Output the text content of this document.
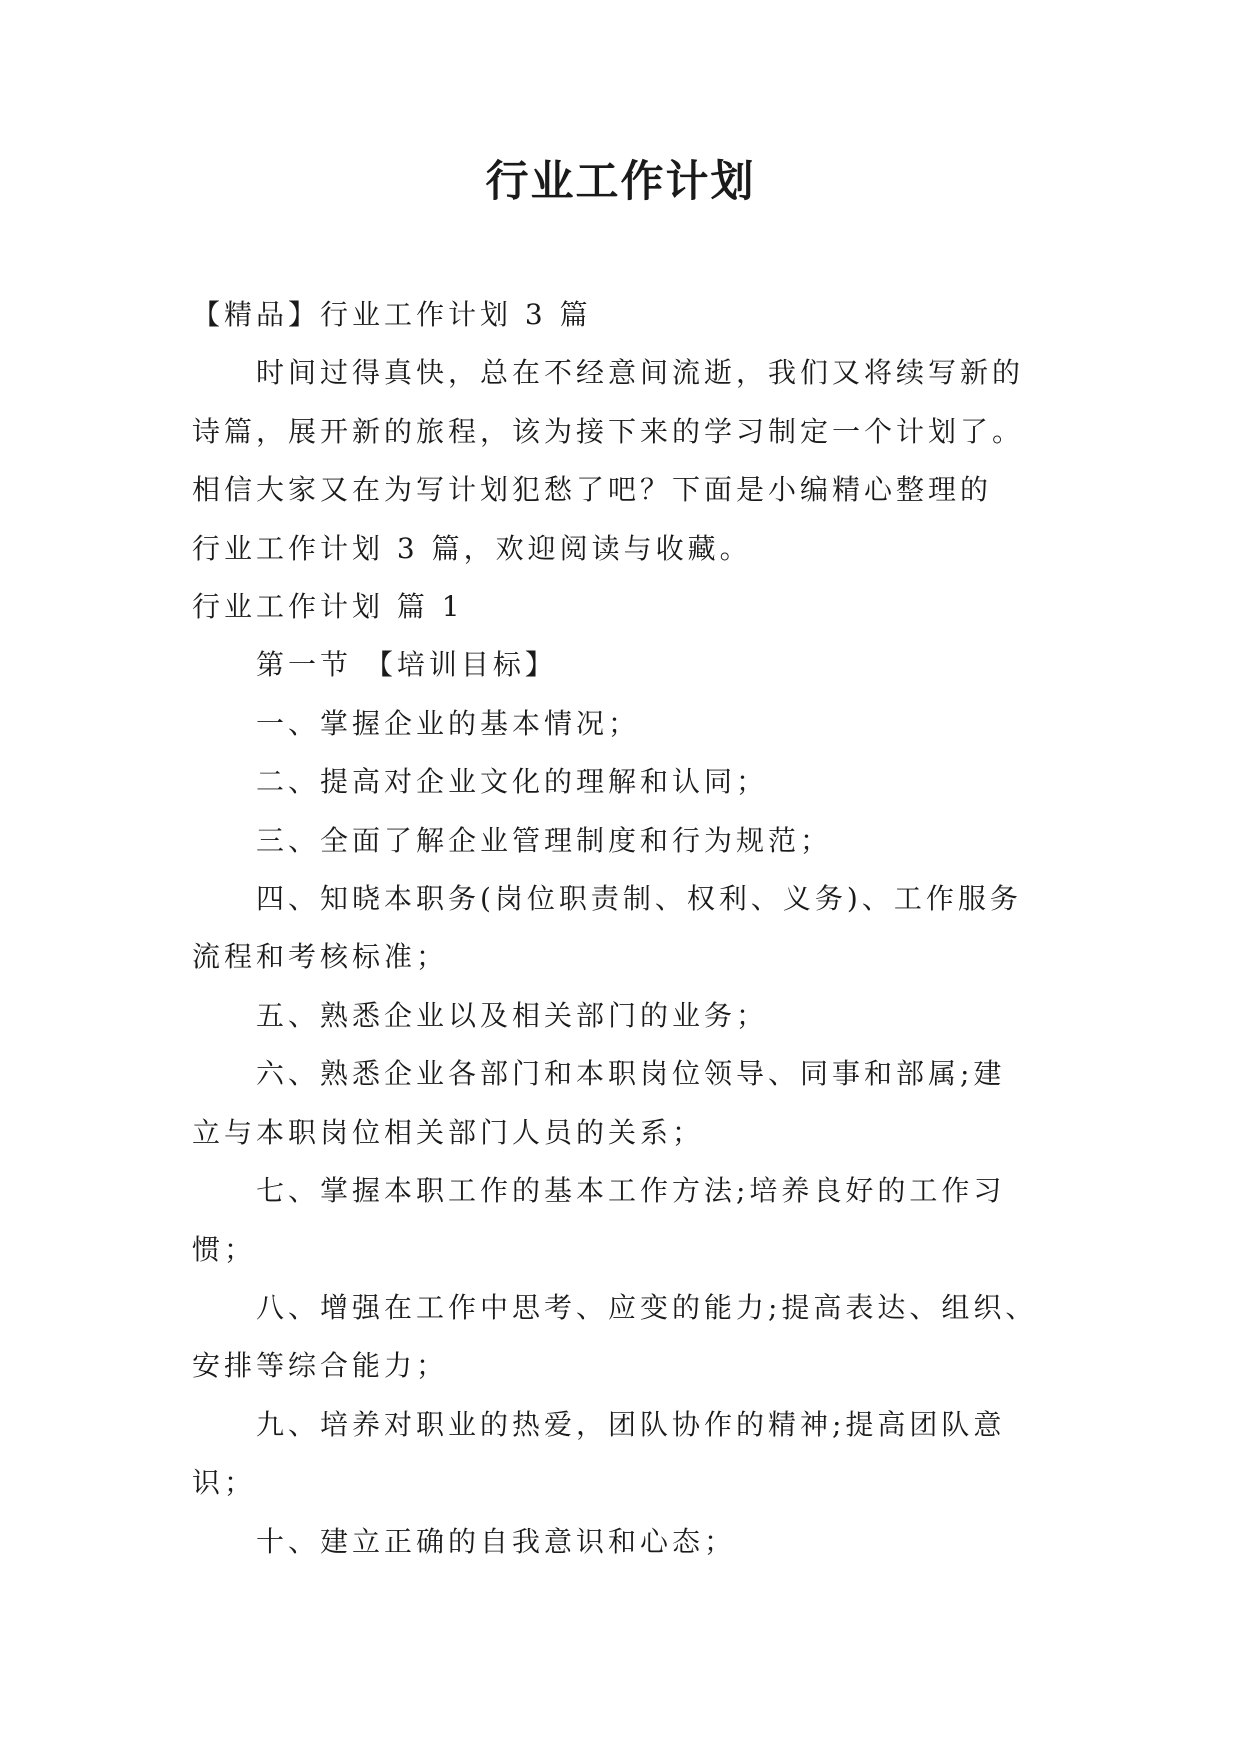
行业工作计划

【精品】行业工作计划 3 篇

时间过得真快，总在不经意间流逝，我们又将续写新的

诗篇，展开新的旅程，该为接下来的学习制定一个计划了。

相信大家又在为写计划犯愁了吧？下面是小编精心整理的

行业工作计划 3 篇，欢迎阅读与收藏。

行业工作计划 篇 1

第一节 【培训目标】

一、掌握企业的基本情况；

二、提高对企业文化的理解和认同；

三、全面了解企业管理制度和行为规范；

四、知晓本职务(岗位职责制、权利、义务)、工作服务

流程和考核标准；

五、熟悉企业以及相关部门的业务；

六、熟悉企业各部门和本职岗位领导、同事和部属;建

立与本职岗位相关部门人员的关系；

七、掌握本职工作的基本工作方法;培养良好的工作习

惯；

八、增强在工作中思考、应变的能力;提高表达、组织、

安排等综合能力；

九、培养对职业的热爱，团队协作的精神;提高团队意

识；

十、建立正确的自我意识和心态；
